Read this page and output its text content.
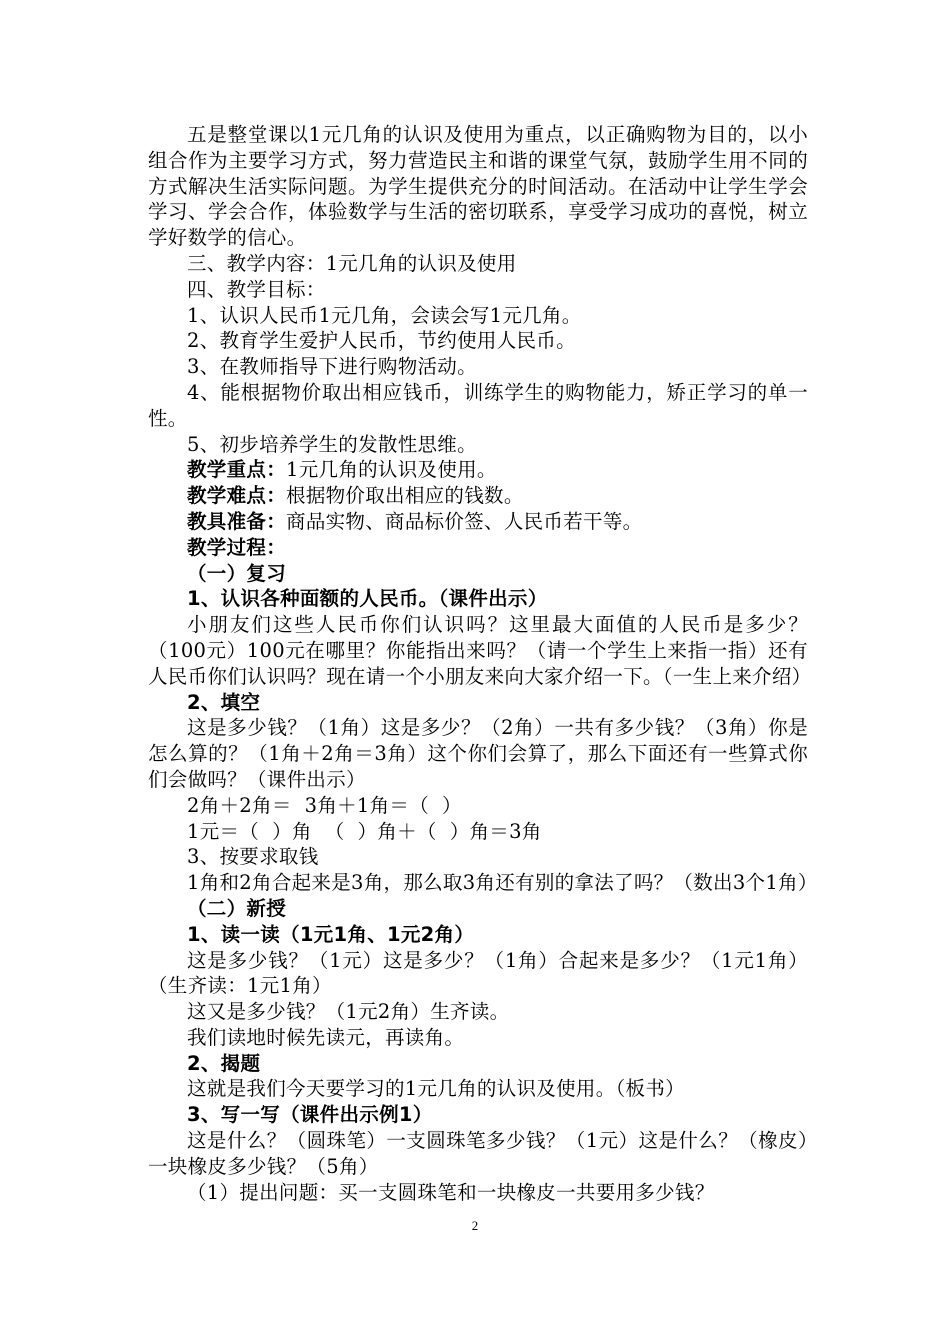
五是整堂课以1元几角的认识及使用为重点，以正确购物为目的，以小组合作为主要学习方式，努力营造民主和谐的课堂气氛，鼓励学生用不同的方式解决生活实际问题。为学生提供充分的时间活动。在活动中让学生学会学习、学会合作，体验数学与生活的密切联系，享受学习成功的喜悦，树立学好数学的信心。

三、教学内容：1元几角的认识及使用

四、教学目标：

1、认识人民币1元几角，会读会写1元几角。

2、教育学生爱护人民币，节约使用人民币。

3、在教师指导下进行购物活动。

4、能根据物价取出相应钱币，训练学生的购物能力，矫正学习的单一性。

5、初步培养学生的发散性思维。

教学重点：1元几角的认识及使用。

教学难点：根据物价取出相应的钱数。

教具准备：商品实物、商品标价签、人民币若干等。

教学过程：

（一）复习

1、认识各种面额的人民币。（课件出示）

小朋友们这些人民币你们认识吗？这里最大面值的人民币是多少？（100元）100元在哪里？你能指出来吗？（请一个学生上来指一指）还有人民币你们认识吗？现在请一个小朋友来向大家介绍一下。（一生上来介绍）

2、填空

这是多少钱？（1角）这是多少？（2角）一共有多少钱？（3角）你是怎么算的？（1角＋2角＝3角）这个你们会算了，那么下面还有一些算式你们会做吗？（课件出示）

2角＋2角＝  3角＋1角＝（  ）

1元＝（  ）角  （  ）角＋（  ）角＝3角

3、按要求取钱

1角和2角合起来是3角，那么取3角还有别的拿法了吗？（数出3个1角）

（二）新授

1、读一读（1元1角、1元2角）

这是多少钱？（1元）这是多少？（1角）合起来是多少？（1元1角）（生齐读：1元1角）

这又是多少钱？（1元2角）生齐读。

我们读地时候先读元，再读角。

2、揭题

这就是我们今天要学习的1元几角的认识及使用。（板书）

3、写一写（课件出示例1）

这是什么？（圆珠笔）一支圆珠笔多少钱？（1元）这是什么？（橡皮）一块橡皮多少钱？（5角）

（1）提出问题：买一支圆珠笔和一块橡皮一共要用多少钱？

2
